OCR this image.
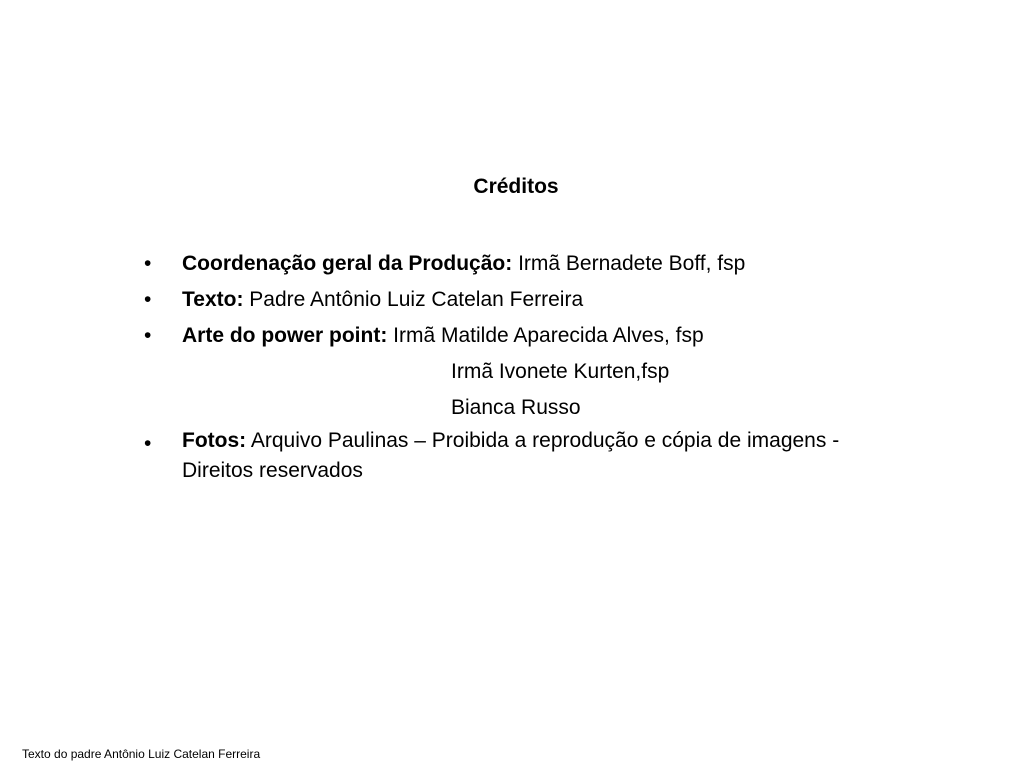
Créditos
• Coordenação geral da Produção: Irmã Bernadete Boff, fsp
• Texto: Padre Antônio Luiz Catelan Ferreira
• Arte do power point: Irmã Matilde Aparecida Alves, fsp
Irmã Ivonete Kurten,fsp
Bianca Russo
• Fotos: Arquivo Paulinas – Proibida a reprodução e cópia de imagens - Direitos reservados
Texto do padre Antônio Luiz Catelan Ferreira
